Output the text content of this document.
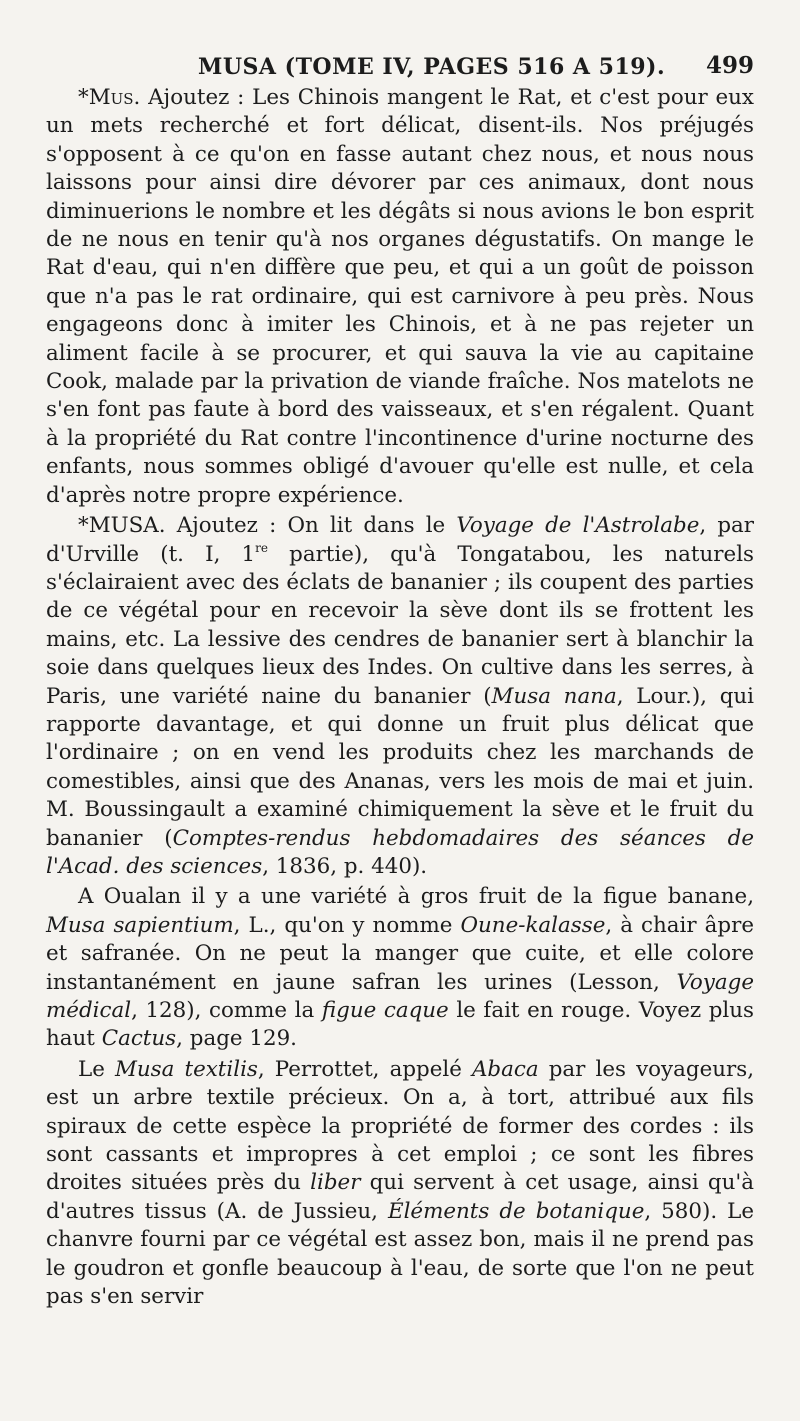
MUSA (TOME IV, PAGES 516 A 519). 499

*Mus. Ajoutez : Les Chinois mangent le Rat, et c'est pour eux un mets recherché et fort délicat, disent-ils. Nos préjugés s'opposent à ce qu'on en fasse autant chez nous, et nous nous laissons pour ainsi dire dévorer par ces animaux, dont nous diminuerions le nombre et les dégâts si nous avions le bon esprit de ne nous en tenir qu'à nos organes dégustatifs. On mange le Rat d'eau, qui n'en diffère que peu, et qui a un goût de poisson que n'a pas le rat ordinaire, qui est carnivore à peu près. Nous engageons donc à imiter les Chinois, et à ne pas rejeter un aliment facile à se procurer, et qui sauva la vie au capitaine Cook, malade par la privation de viande fraîche. Nos matelots ne s'en font pas faute à bord des vaisseaux, et s'en régalent. Quant à la propriété du Rat contre l'incontinence d'urine nocturne des enfants, nous sommes obligé d'avouer qu'elle est nulle, et cela d'après notre propre expérience.

*MUSA. Ajoutez : On lit dans le Voyage de l'Astrolabe, par d'Urville (t. I, 1re partie), qu'à Tongatabou, les naturels s'éclairaient avec des éclats de bananier ; ils coupent des parties de ce végétal pour en recevoir la sève dont ils se frottent les mains, etc. La lessive des cendres de bananier sert à blanchir la soie dans quelques lieux des Indes. On cultive dans les serres, à Paris, une variété naine du bananier (Musa nana, Lour.), qui rapporte davantage, et qui donne un fruit plus délicat que l'ordinaire ; on en vend les produits chez les marchands de comestibles, ainsi que des Ananas, vers les mois de mai et juin. M. Boussingault a examiné chimiquement la sève et le fruit du bananier (Comptes-rendus hebdomadaires des séances de l'Acad. des sciences, 1836, p. 440).

A Oualan il y a une variété à gros fruit de la figue banane, Musa sapientium, L., qu'on y nomme Oune-kalasse, à chair âpre et safranée. On ne peut la manger que cuite, et elle colore instantanément en jaune safran les urines (Lesson, Voyage médical, 128), comme la figue caque le fait en rouge. Voyez plus haut Cactus, page 129.

Le Musa textilis, Perrottet, appelé Abaca par les voyageurs, est un arbre textile précieux. On a, à tort, attribué aux fils spiraux de cette espèce la propriété de former des cordes : ils sont cassants et impropres à cet emploi ; ce sont les fibres droites situées près du liber qui servent à cet usage, ainsi qu'à d'autres tissus (A. de Jussieu, Éléments de botanique, 580). Le chanvre fourni par ce végétal est assez bon, mais il ne prend pas le goudron et gonfle beaucoup à l'eau, de sorte que l'on ne peut pas s'en servir
